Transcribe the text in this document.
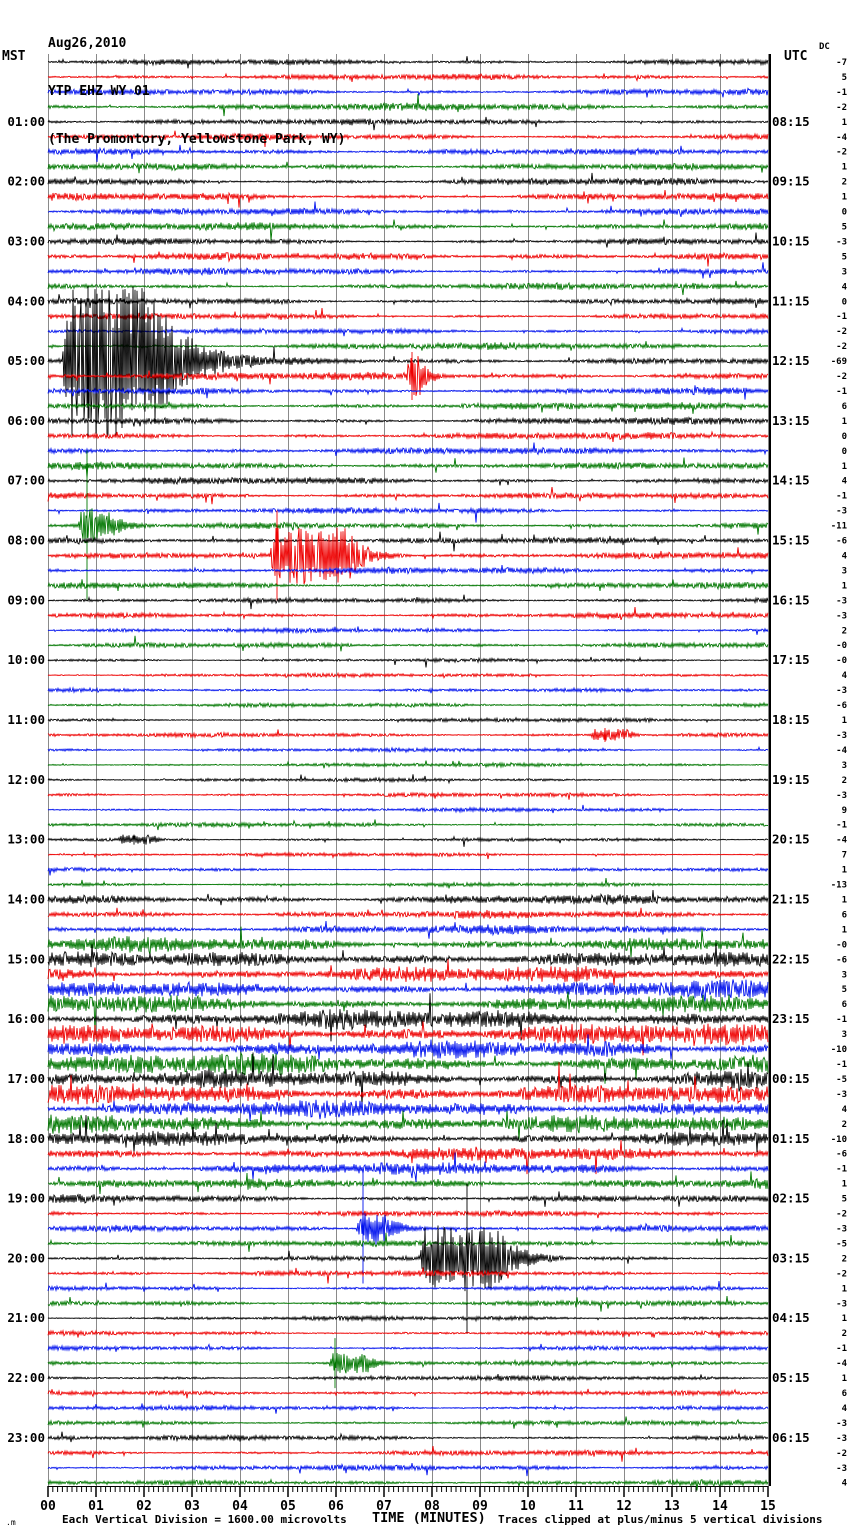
00 01 02 03 04 05 06 07 08 09 10 11 12 13 14 15
01:00	08:15
02:00	09:15
03:00	10:15
04:00	11:15
05:00	12:15
06:00	13:15
07:00	14:15
08:00	15:15
09:00	16:15
10:00	17:15
11:00	18:15
12:00	19:15
13:00	20:15
14:00	21:15
15:00	22:15
16:00	23:15
17:00	00:15
18:00	01:15
19:00	02:15
20:00	03:15
21:00	04:15
22:00	05:15
23:00	06:15
-7
5
-1
-2
1
-4
-2
1
2
1
0
5
-3
5
3
4
0
-1
-2
-2
-69
-2
-1
6
1
0
0
1
4
-1
-3
-11
-6
4
3
1
-3
-3
2
-0
-0
4
-3
-6
1
-3
-4
3
2
-3
9
-1
-4
7
1
-13
1
6
1
-0
-6
3
5
6
-1
3
-10
-1
-5
-3
4
2
-10
-6
-1
1
5
-2
-3
-5
2
-2
1
-3
1
2
-1
-4
1
6
4
-3
-3
-2
-3
4

Aug26,2010

YTP EHZ WY 01

(The Promontory, Yellowstone Park, WY)

MST	UTC
DC
.m	Each Vertical Division = 1600.00 microvolts TIME (MINUTES) Traces clipped at plus/minus 5 vertical divisions
